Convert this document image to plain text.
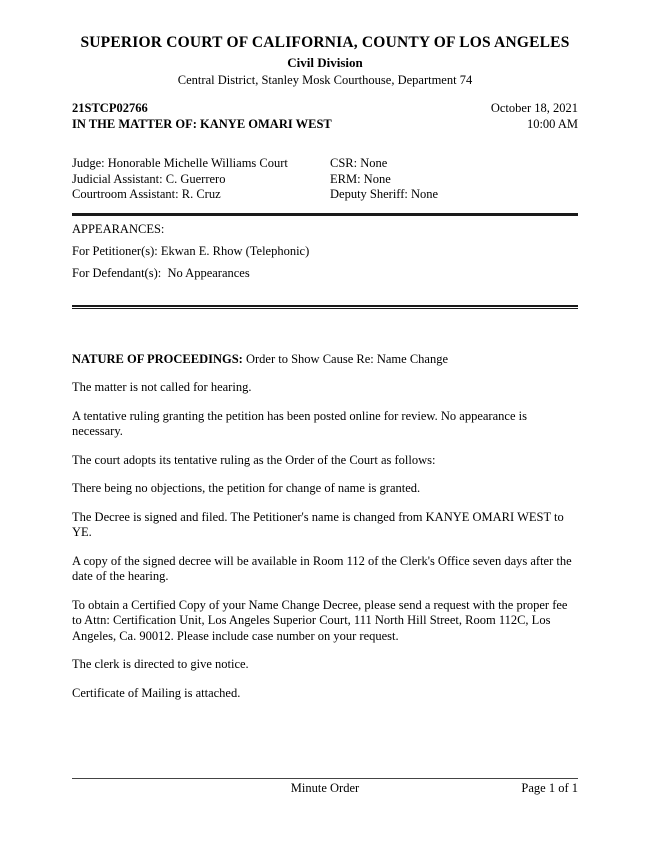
SUPERIOR COURT OF CALIFORNIA, COUNTY OF LOS ANGELES
Civil Division
Central District, Stanley Mosk Courthouse, Department 74
21STCP02766	October 18, 2021
IN THE MATTER OF: KANYE OMARI WEST	10:00 AM
Judge: Honorable Michelle Williams Court	CSR: None
Judicial Assistant: C. Guerrero	ERM: None
Courtroom Assistant: R. Cruz	Deputy Sheriff: None
APPEARANCES:
For Petitioner(s): Ekwan E. Rhow (Telephonic)
For Defendant(s):  No Appearances

NATURE OF PROCEEDINGS: Order to Show Cause Re: Name Change

The matter is not called for hearing.

A tentative ruling granting the petition has been posted online for review. No appearance is necessary.

The court adopts its tentative ruling as the Order of the Court as follows:

There being no objections, the petition for change of name is granted.

The Decree is signed and filed. The Petitioner's name is changed from KANYE OMARI WEST to YE.

A copy of the signed decree will be available in Room 112 of the Clerk's Office seven days after the date of the hearing.

To obtain a Certified Copy of your Name Change Decree, please send a request with the proper fee to Attn: Certification Unit, Los Angeles Superior Court, 111 North Hill Street, Room 112C, Los Angeles, Ca. 90012. Please include case number on your request.

The clerk is directed to give notice.

Certificate of Mailing is attached.

Minute Order	Page 1 of 1
